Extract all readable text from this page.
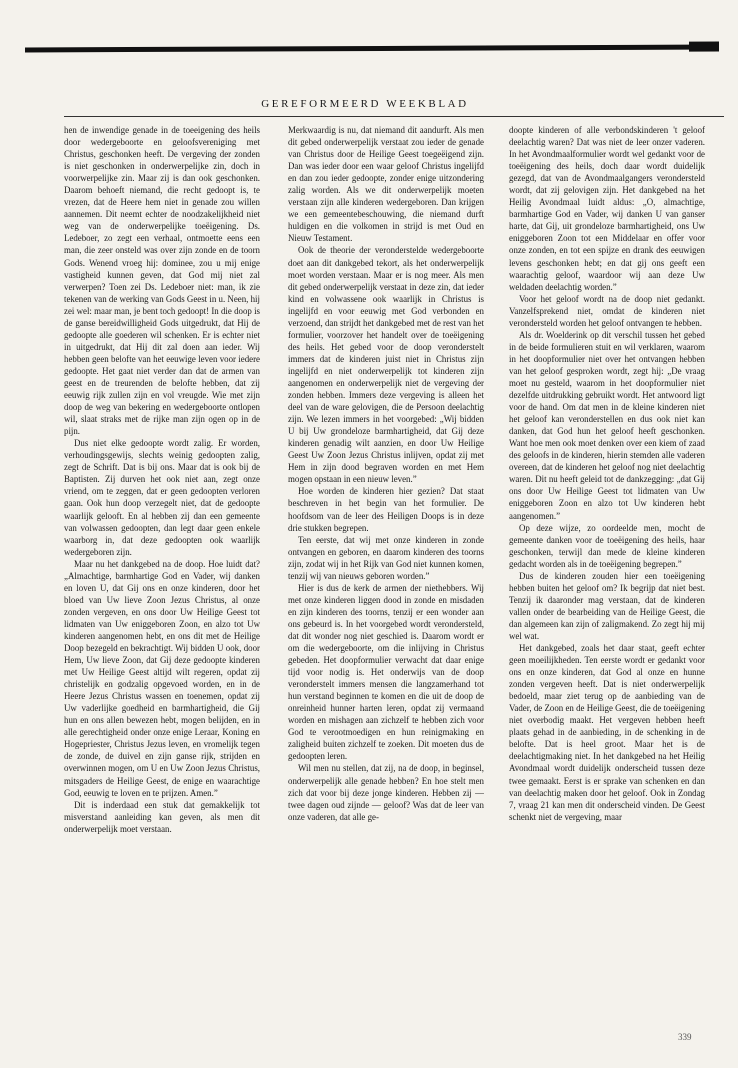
GEREFORMEERD WEEKBLAD

hen de inwendige genade in de toeeigening des heils door wedergeboorte en geloofsvereniging met Christus, geschonken heeft. De vergeving der zonden is niet geschonken in onderwerpelijke zin, doch in voorwerpelijke zin. Maar zij is dan ook geschonken. Daarom behoeft niemand, die recht gedoopt is, te vrezen, dat de Heere hem niet in genade zou willen aannemen. Dit neemt echter de noodzakelijkheid niet weg van de onderwerpelijke toeëigening. Ds. Ledeboer, zo zegt een verhaal, ontmoette eens een man, die zeer onsteld was over zijn zonde en de toorn Gods. Wenend vroeg hij: dominee, zou u mij enige vastigheid kunnen geven, dat God mij niet zal verwerpen? Toen zei Ds. Ledeboer niet: man, ik zie tekenen van de werking van Gods Geest in u. Neen, hij zei wel: maar man, je bent toch gedoopt! In die doop is de ganse bereidwilligheid Gods uitgedrukt, dat Hij de gedoopte alle goederen wil schenken. Er is echter niet in uitgedrukt, dat Hij dit zal doen aan ieder. Wij hebben geen belofte van het eeuwige leven voor iedere gedoopte. Het gaat niet verder dan dat de armen van geest en de treurenden de belofte hebben, dat zij eeuwig rijk zullen zijn en vol vreugde. Wie met zijn doop de weg van bekering en wedergeboorte ontlopen wil, slaat straks met de rijke man zijn ogen op in de pijn.

Dus niet elke gedoopte wordt zalig. Er worden, verhoudingsgewijs, slechts weinig gedoopten zalig, zegt de Schrift. Dat is bij ons. Maar dat is ook bij de Baptisten. Zij durven het ook niet aan, zegt onze vriend, om te zeggen, dat er geen gedoopten verloren gaan. Ook hun doop verzegelt niet, dat de gedoopte waarlijk gelooft. En al hebben zij dan een gemeente van volwassen gedoopten, dan legt daar geen enkele waarborg in, dat deze gedoopten ook waarlijk wedergeboren zijn.

Maar nu het dankgebed na de doop. Hoe luidt dat? „Almachtige, barmhartige God en Vader, wij danken en loven U, dat Gij ons en onze kinderen, door het bloed van Uw lieve Zoon Jezus Christus, al onze zonden vergeven, en ons door Uw Heilige Geest tot lidmaten van Uw eniggeboren Zoon, en alzo tot Uw kinderen aangenomen hebt, en ons dit met de Heilige Doop bezegeld en bekrachtigt. Wij bidden U ook, door Hem, Uw lieve Zoon, dat Gij deze gedoopte kinderen met Uw Heilige Geest altijd wilt regeren, opdat zij christelijk en godzalig opgevoed worden, en in de Heere Jezus Christus wassen en toenemen, opdat zij Uw vaderlijke goedheid en barmhartigheid, die Gij hun en ons allen bewezen hebt, mogen belijden, en in alle gerechtigheid onder onze enige Leraar, Koning en Hogepriester, Christus Jezus leven, en vromelijk tegen de zonde, de duivel en zijn ganse rijk, strijden en overwinnen mogen, om U en Uw Zoon Jezus Christus, mitsgaders de Heilige Geest, de enige en waarachtige God, eeuwig te loven en te prijzen. Amen.”

Dit is inderdaad een stuk dat gemakkelijk tot misverstand aanleiding kan geven, als men dit onderwerpelijk moet verstaan.

Merkwaardig is nu, dat niemand dit aandurft. Als men dit gebed onderwerpelijk verstaat zou ieder de genade van Christus door de Heilige Geest toegeëigend zijn. Dan was ieder door een waar geloof Christus ingelijfd en dan zou ieder gedoopte, zonder enige uitzondering zalig worden. Als we dit onderwerpelijk moeten verstaan zijn alle kinderen wedergeboren. Dan krijgen we een gemeentebeschouwing, die niemand durft huldigen en die volkomen in strijd is met Oud en Nieuw Testament.

Ook de theorie der veronderstelde wedergeboorte doet aan dit dankgebed tekort, als het onderwerpelijk moet worden verstaan. Maar er is nog meer. Als men dit gebed onderwerpelijk verstaat in deze zin, dat ieder kind en volwassene ook waarlijk in Christus is ingelijfd en voor eeuwig met God verbonden en verzoend, dan strijdt het dankgebed met de rest van het formulier, voorzover het handelt over de toeëigening des heils. Het gebed voor de doop veronderstelt immers dat de kinderen juist niet in Christus zijn ingelijfd en niet onderwerpelijk tot kinderen zijn aangenomen en onderwerpelijk niet de vergeving der zonden hebben. Immers deze vergeving is alleen het deel van de ware gelovigen, die de Persoon deelachtig zijn. We lezen immers in het voorgebed: „Wij bidden U bij Uw grondeloze barmhartigheid, dat Gij deze kinderen genadig wilt aanzien, en door Uw Heilige Geest Uw Zoon Jezus Christus inlijven, opdat zij met Hem in zijn dood begraven worden en met Hem mogen opstaan in een nieuw leven.”

Hoe worden de kinderen hier gezien? Dat staat beschreven in het begin van het formulier. De hoofdsom van de leer des Heiligen Doops is in deze drie stukken begrepen.

Ten eerste, dat wij met onze kinderen in zonde ontvangen en geboren, en daarom kinderen des toorns zijn, zodat wij in het Rijk van God niet kunnen komen, tenzij wij van nieuws geboren worden.”

Hier is dus de kerk de armen der niethebbers. Wij met onze kinderen liggen dood in zonde en misdaden en zijn kinderen des toorns, tenzij er een wonder aan ons gebeurd is. In het voorgebed wordt verondersteld, dat dit wonder nog niet geschied is. Daarom wordt er om die wedergeboorte, om die inlijving in Christus gebeden. Het doopformulier verwacht dat daar enige tijd voor nodig is. Het onderwijs van de doop veronderstelt immers mensen die langzamerhand tot hun verstand beginnen te komen en die uit de doop de onreinheid hunner harten leren, opdat zij vermaand worden en mishagen aan zichzelf te hebben zich voor God te verootmoedigen en hun reinigmaking en zaligheid buiten zichzelf te zoeken. Dit moeten dus de gedoopten leren.

Wil men nu stellen, dat zij, na de doop, in beginsel, onderwerpelijk alle genade hebben? En hoe stelt men zich dat voor bij deze jonge kinderen. Hebben zij — twee dagen oud zijnde — geloof? Was dat de leer van onze vaderen, dat alle ge-

doopte kinderen of alle verbondskinderen 't geloof deelachtig waren? Dat was niet de leer onzer vaderen. In het Avondmaalformulier wordt wel gedankt voor de toeëigening des heils, doch daar wordt duidelijk gezegd, dat van de Avondmaalgangers verondersteld wordt, dat zij gelovigen zijn. Het dankgebed na het Heilig Avondmaal luidt aldus: „O, almachtige, barmhartige God en Vader, wij danken U van ganser harte, dat Gij, uit grondeloze barmhartigheid, ons Uw eniggeboren Zoon tot een Middelaar en offer voor onze zonden, en tot een spijze en drank des eeuwigen levens geschonken hebt; en dat gij ons geeft een waarachtig geloof, waardoor wij aan deze Uw weldaden deelachtig worden.”

Voor het geloof wordt na de doop niet gedankt. Vanzelfsprekend niet, omdat de kinderen niet verondersteld worden het geloof ontvangen te hebben.

Als dr. Woelderink op dit verschil tussen het gebed in de beide formulieren stuit en wil verklaren, waarom in het doopformulier niet over het ontvangen hebben van het geloof gesproken wordt, zegt hij: „De vraag moet nu gesteld, waarom in het doopformulier niet dezelfde uitdrukking gebruikt wordt. Het antwoord ligt voor de hand. Om dat men in de kleine kinderen niet het geloof kan veronderstellen en dus ook niet kan danken, dat God hun het geloof heeft geschonken. Want hoe men ook moet denken over een kiem of zaad des geloofs in de kinderen, hierin stemden alle vaderen overeen, dat de kinderen het geloof nog niet deelachtig waren. Dit nu heeft geleid tot de dankzegging: „dat Gij ons door Uw Heilige Geest tot lidmaten van Uw eniggeboren Zoon en alzo tot Uw kinderen hebt aangenomen.”

Op deze wijze, zo oordeelde men, mocht de gemeente danken voor de toeëigening des heils, haar geschonken, terwijl dan mede de kleine kinderen gedacht worden als in de toeëigening begrepen.”

Dus de kinderen zouden hier een toeëigening hebben buiten het geloof om? Ik begrijp dat niet best. Tenzij ik daaronder mag verstaan, dat de kinderen vallen onder de bearbeiding van de Heilige Geest, die dan algemeen kan zijn of zaligmakend. Zo zegt hij mij wel wat.

Het dankgebed, zoals het daar staat, geeft echter geen moeilijkheden. Ten eerste wordt er gedankt voor ons en onze kinderen, dat God al onze en hunne zonden vergeven heeft. Dat is niet onderwerpelijk bedoeld, maar ziet terug op de aanbieding van de Vader, de Zoon en de Heilige Geest, die de toeëigening niet overbodig maakt. Het vergeven hebben heeft plaats gehad in de aanbieding, in de schenking in de belofte. Dat is heel groot. Maar het is de deelachtigmaking niet. In het dankgebed na het Heilig Avondmaal wordt duidelijk onderscheid tussen deze twee gemaakt. Eerst is er sprake van schenken en dan van deelachtig maken door het geloof. Ook in Zondag 7, vraag 21 kan men dit onderscheid vinden. De Geest schenkt niet de vergeving, maar

339
